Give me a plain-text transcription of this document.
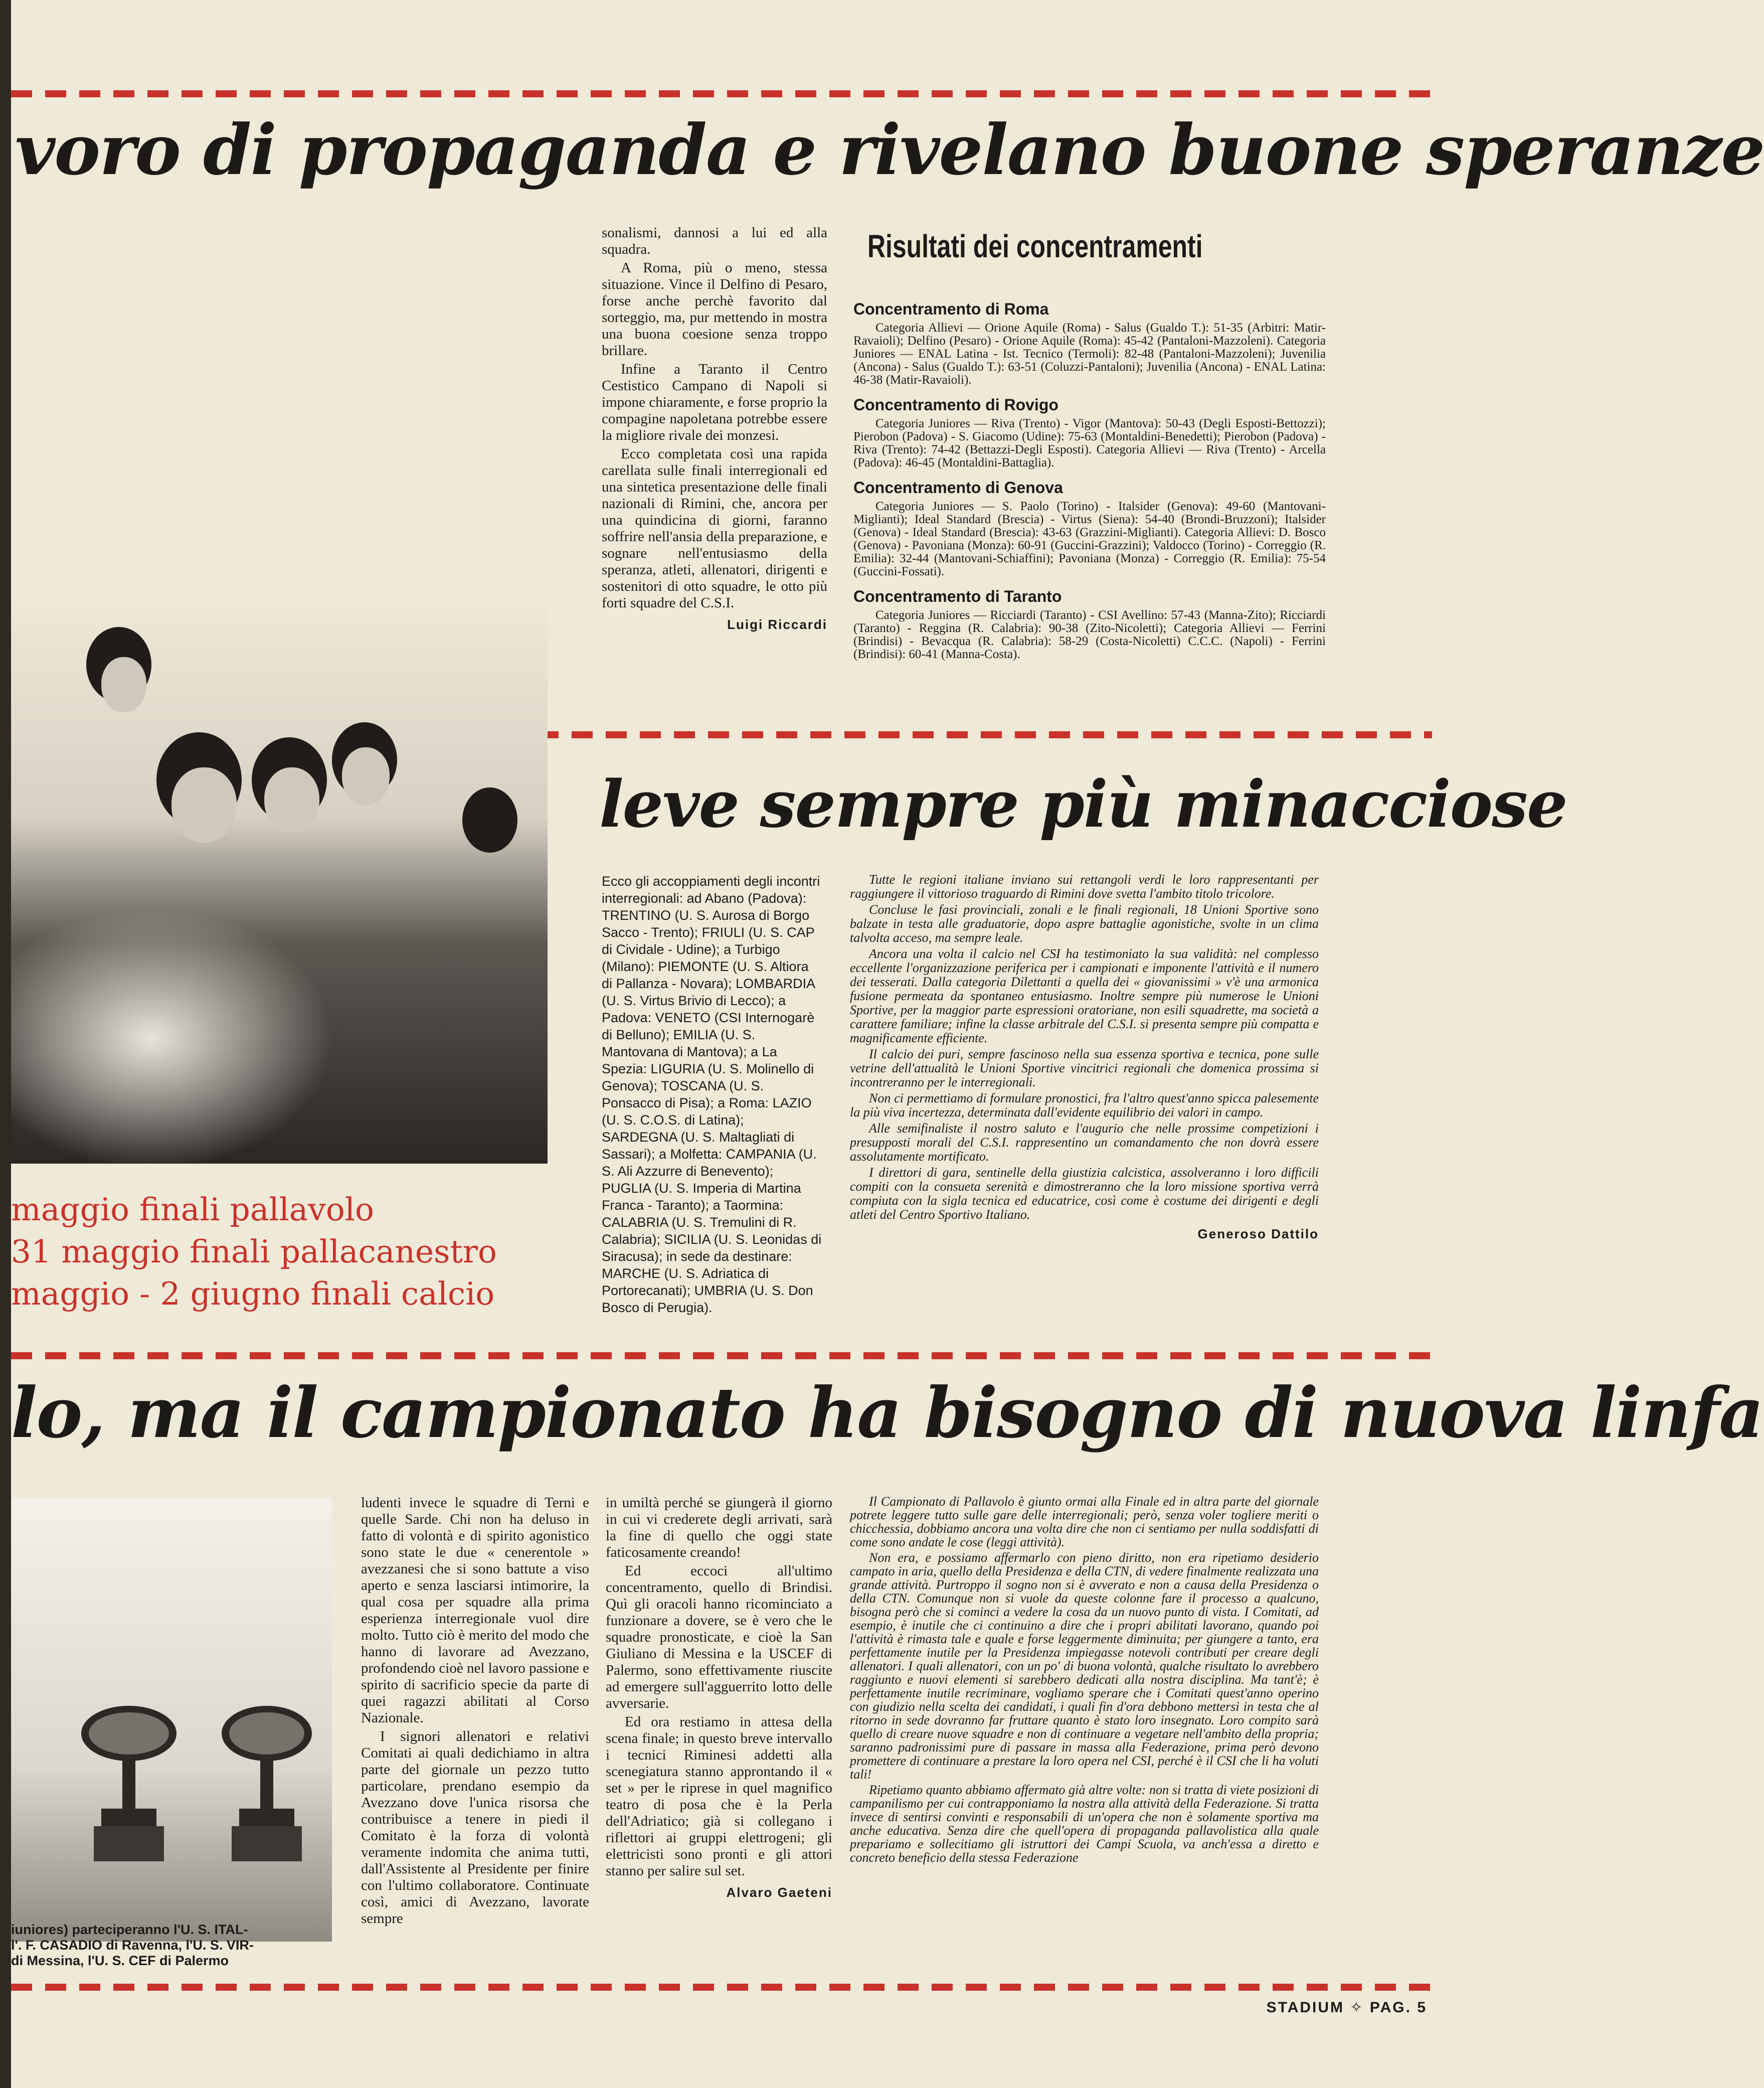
voro di propaganda e rivelano buone speranze

sonalismi, dannosi a lui ed alla squadra.

A Roma, più o meno, stessa situazione. Vince il Delfino di Pesaro, forse anche perchè favorito dal sorteggio, ma, pur mettendo in mostra una buona coesione senza troppo brillare.

Infine a Taranto il Centro Cestistico Campano di Napoli si impone chiaramente, e forse proprio la compagine napoletana potrebbe essere la migliore rivale dei monzesi.

Ecco completata così una rapida carellata sulle finali interregionali ed una sintetica presentazione delle finali nazionali di Rimini, che, ancora per una quindicina di giorni, faranno soffrire nell'ansia della preparazione, e sognare nell'entusiasmo della speranza, atleti, allenatori, dirigenti e sostenitori di otto squadre, le otto più forti squadre del C.S.I.

Luigi Riccardi
Risultati dei concentramenti
Concentramento di Roma

Categoria Allievi — Orione Aquile (Roma) - Salus (Gualdo T.): 51-35 (Arbitri: Matir-Ravaioli); Delfino (Pesaro) - Orione Aquile (Roma): 45-42 (Pantaloni-Mazzoleni). Categoria Juniores — ENAL Latina - Ist. Tecnico (Termoli): 82-48 (Pantaloni-Mazzoleni); Juvenilia (Ancona) - Salus (Gualdo T.): 63-51 (Coluzzi-Pantaloni); Juvenilia (Ancona) - ENAL Latina: 46-38 (Matir-Ravaioli).

Concentramento di Rovigo

Categoria Juniores — Riva (Trento) - Vigor (Mantova): 50-43 (Degli Esposti-Bettozzi); Pierobon (Padova) - S. Giacomo (Udine): 75-63 (Montaldini-Benedetti); Pierobon (Padova) - Riva (Trento): 74-42 (Bettazzi-Degli Esposti). Categoria Allievi — Riva (Trento) - Arcella (Padova): 46-45 (Montaldini-Battaglia).

Concentramento di Genova

Categoria Juniores — S. Paolo (Torino) - Italsider (Genova): 49-60 (Mantovani-Miglianti); Ideal Standard (Brescia) - Virtus (Siena): 54-40 (Brondi-Bruzzoni); Italsider (Genova) - Ideal Standard (Brescia): 43-63 (Grazzini-Miglianti). Categoria Allievi: D. Bosco (Genova) - Pavoniana (Monza): 60-91 (Guccini-Grazzini); Valdocco (Torino) - Correggio (R. Emilia): 32-44 (Mantovani-Schiaffini); Pavoniana (Monza) - Correggio (R. Emilia): 75-54 (Guccini-Fossati).

Concentramento di Taranto

Categoria Juniores — Ricciardi (Taranto) - CSI Avellino: 57-43 (Manna-Zito); Ricciardi (Taranto) - Reggina (R. Calabria): 90-38 (Zito-Nicoletti); Categoria Allievi — Ferrini (Brindisi) - Bevacqua (R. Calabria): 58-29 (Costa-Nicoletti) C.C.C. (Napoli) - Ferrini (Brindisi): 60-41 (Manna-Costa).

leve sempre più minacciose
maggio finali pallavolo
31 maggio finali pallacanestro
maggio - 2 giugno finali calcio

Ecco gli accoppiamenti degli incontri interregionali: ad Abano (Padova): TRENTINO (U. S. Aurosa di Borgo Sacco - Trento); FRIULI (U. S. CAP di Cividale - Udine); a Turbigo (Milano): PIEMONTE (U. S. Altiora di Pallanza - Novara); LOMBARDIA (U. S. Virtus Brivio di Lecco); a Padova: VENETO (CSI Internogarè di Belluno); EMILIA (U. S. Mantovana di Mantova); a La Spezia: LIGURIA (U. S. Molinello di Genova); TOSCANA (U. S. Ponsacco di Pisa); a Roma: LAZIO (U. S. C.O.S. di Latina); SARDEGNA (U. S. Maltagliati di Sassari); a Molfetta: CAMPANIA (U. S. Ali Azzurre di Benevento); PUGLIA (U. S. Imperia di Martina Franca - Taranto); a Taormina: CALABRIA (U. S. Tremulini di R. Calabria); SICILIA (U. S. Leonidas di Siracusa); in sede da destinare: MARCHE (U. S. Adriatica di Portorecanati); UMBRIA (U. S. Don Bosco di Perugia).

Tutte le regioni italiane inviano sui rettangoli verdi le loro rappresentanti per raggiungere il vittorioso traguardo di Rimini dove svetta l'ambito titolo tricolore.

Concluse le fasi provinciali, zonali e le finali regionali, 18 Unioni Sportive sono balzate in testa alle graduatorie, dopo aspre battaglie agonistiche, svolte in un clima talvolta acceso, ma sempre leale.

Ancora una volta il calcio nel CSI ha testimoniato la sua validità: nel complesso eccellente l'organizzazione periferica per i campionati e imponente l'attività e il numero dei tesserati. Dalla categoria Dilettanti a quella dei « giovanissimi » v'è una armonica fusione permeata da spontaneo entusiasmo. Inoltre sempre più numerose le Unioni Sportive, per la maggior parte espressioni oratoriane, non esili squadrette, ma società a carattere familiare; infine la classe arbitrale del C.S.I. si presenta sempre più compatta e magnificamente efficiente.

Il calcio dei puri, sempre fascinoso nella sua essenza sportiva e tecnica, pone sulle vetrine dell'attualità le Unioni Sportive vincitrici regionali che domenica prossima si incontreranno per le interregionali.

Non ci permettiamo di formulare pronostici, fra l'altro quest'anno spicca palesemente la più viva incertezza, determinata dall'evidente equilibrio dei valori in campo.

Alle semifinaliste il nostro saluto e l'augurio che nelle prossime competizioni i presupposti morali del C.S.I. rappresentino un comandamento che non dovrà essere assolutamente mortificato.

I direttori di gara, sentinelle della giustizia calcistica, assolveranno i loro difficili compiti con la consueta serenità e dimostreranno che la loro missione sportiva verrà compiuta con la sigla tecnica ed educatrice, così come è costume dei dirigenti e degli atleti del Centro Sportivo Italiano.

Generoso Dattilo
lo, ma il campionato ha bisogno di nuova linfa
iuniores) parteciperanno l'U. S. ITAL-
l'. F. CASADIO di Ravenna, l'U. S. VIR-
di Messina, l'U. S. CEF di Palermo

ludenti invece le squadre di Terni e quelle Sarde. Chi non ha deluso in fatto di volontà e di spirito agonistico sono state le due « cenerentole » avezzanesi che si sono battute a viso aperto e senza lasciarsi intimorire, la qual cosa per squadre alla prima esperienza interregionale vuol dire molto. Tutto ciò è merito del modo che hanno di lavorare ad Avezzano, profondendo cioè nel lavoro passione e spirito di sacrificio specie da parte di quei ragazzi abilitati al Corso Nazionale.

I signori allenatori e relativi Comitati ai quali dedichiamo in altra parte del giornale un pezzo tutto particolare, prendano esempio da Avezzano dove l'unica risorsa che contribuisce a tenere in piedi il Comitato è la forza di volontà veramente indomita che anima tutti, dall'Assistente al Presidente per finire con l'ultimo collaboratore. Continuate così, amici di Avezzano, lavorate sempre

in umiltà perché se giungerà il giorno in cui vi crederete degli arrivati, sarà la fine di quello che oggi state faticosamente creando!

Ed eccoci all'ultimo concentramento, quello di Brindisi. Quì gli oracoli hanno ricominciato a funzionare a dovere, se è vero che le squadre pronosticate, e cioè la San Giuliano di Messina e la USCEF di Palermo, sono effettivamente riuscite ad emergere sull'agguerrito lotto delle avversarie.

Ed ora restiamo in attesa della scena finale; in questo breve intervallo i tecnici Riminesi addetti alla scenegiatura stanno approntando il « set » per le riprese in quel magnifico teatro di posa che è la Perla dell'Adriatico; già si collegano i riflettori ai gruppi elettrogeni; gli elettricisti sono pronti e gli attori stanno per salire sul set.

Alvaro Gaeteni

Il Campionato di Pallavolo è giunto ormai alla Finale ed in altra parte del giornale potrete leggere tutto sulle gare delle interregionali; però, senza voler togliere meriti o chicchessia, dobbiamo ancora una volta dire che non ci sentiamo per nulla soddisfatti di come sono andate le cose (leggi attività).

Non era, e possiamo affermarlo con pieno diritto, non era ripetiamo desiderio campato in aria, quello della Presidenza e della CTN, di vedere finalmente realizzata una grande attività. Purtroppo il sogno non si è avverato e non a causa della Presidenza o della CTN. Comunque non si vuole da queste colonne fare il processo a qualcuno, bisogna però che si cominci a vedere la cosa da un nuovo punto di vista. I Comitati, ad esempio, è inutile che ci continuino a dire che i propri abilitati lavorano, quando poi l'attività è rimasta tale e quale e forse leggermente diminuita; per giungere a tanto, era perfettamente inutile per la Presidenza impiegasse notevoli contributi per creare degli allenatori. I quali allenatori, con un po' di buona volontà, qualche risultato lo avrebbero raggiunto e nuovi elementi si sarebbero dedicati alla nostra disciplina. Ma tant'è; è perfettamente inutile recriminare, vogliamo sperare che i Comitati quest'anno operino con giudizio nella scelta dei candidati, i quali fin d'ora debbono mettersi in testa che al ritorno in sede dovranno far fruttare quanto è stato loro insegnato. Loro compito sarà quello di creare nuove squadre e non di continuare a vegetare nell'ambito della propria; saranno padronissimi pure di passare in massa alla Federazione, prima però devono promettere di continuare a prestare la loro opera nel CSI, perché è il CSI che li ha voluti tali!

Ripetiamo quanto abbiamo affermato già altre volte: non si tratta di viete posizioni di campanilismo per cui contrapponiamo la nostra alla attività della Federazione. Si tratta invece di sentirsi convinti e responsabili di un'opera che non è solamente sportiva ma anche educativa. Senza dire che quell'opera di propaganda pallavolistica alla quale prepariamo e sollecitiamo gli istruttori dei Campi Scuola, va anch'essa a diretto e concreto beneficio della stessa Federazione

STADIUM ✧ PAG. 5
